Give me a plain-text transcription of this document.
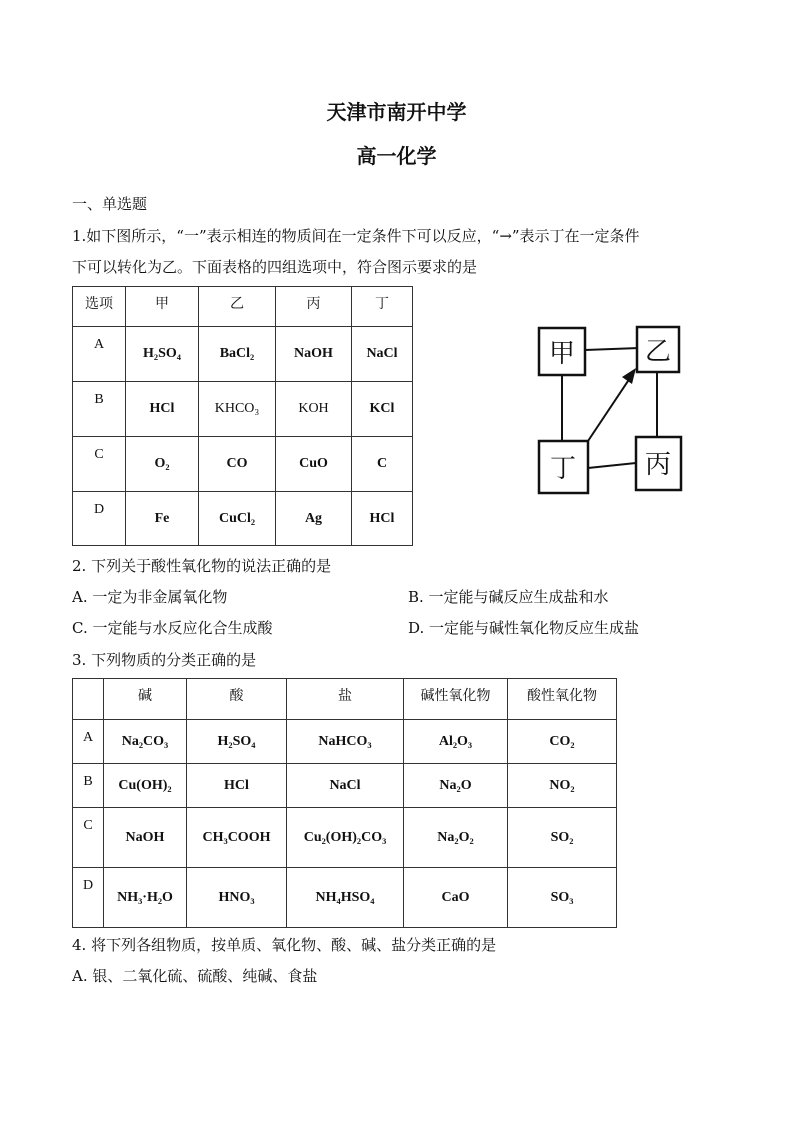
天津市南开中学
高一化学
一、单选题
1.如下图所示，“一”表示相连的物质间在一定条件下可以反应，“→”表示丁在一定条件
下可以转化为乙。下面表格的四组选项中，符合图示要求的是
选项	甲	乙	丙	丁
A	H₂SO₄	BaCl₂	NaOH	NaCl
B	HCl	KHCO₃	KOH	KCl
C	O₂	CO	CuO	C
D	Fe	CuCl₂	Ag	HCl
甲	乙
丁	丙
2. 下列关于酸性氧化物的说法正确的是
A. 一定为非金属氧化物	B. 一定能与碱反应生成盐和水
C. 一定能与水反应化合生成酸	D. 一定能与碱性氧化物反应生成盐
3. 下列物质的分类正确的是
	碱	酸	盐	碱性氧化物	酸性氧化物
A	Na₂CO₃	H₂SO₄	NaHCO₃	Al₂O₃	CO₂
B	Cu(OH)₂	HCl	NaCl	Na₂O	NO₂
C	NaOH	CH₃COOH	Cu₂(OH)₂CO₃	Na₂O₂	SO₂
D	NH₃·H₂O	HNO₃	NH₄HSO₄	CaO	SO₃
4. 将下列各组物质，按单质、氧化物、酸、碱、盐分类正确的是
A. 银、二氧化硫、硫酸、纯碱、食盐
